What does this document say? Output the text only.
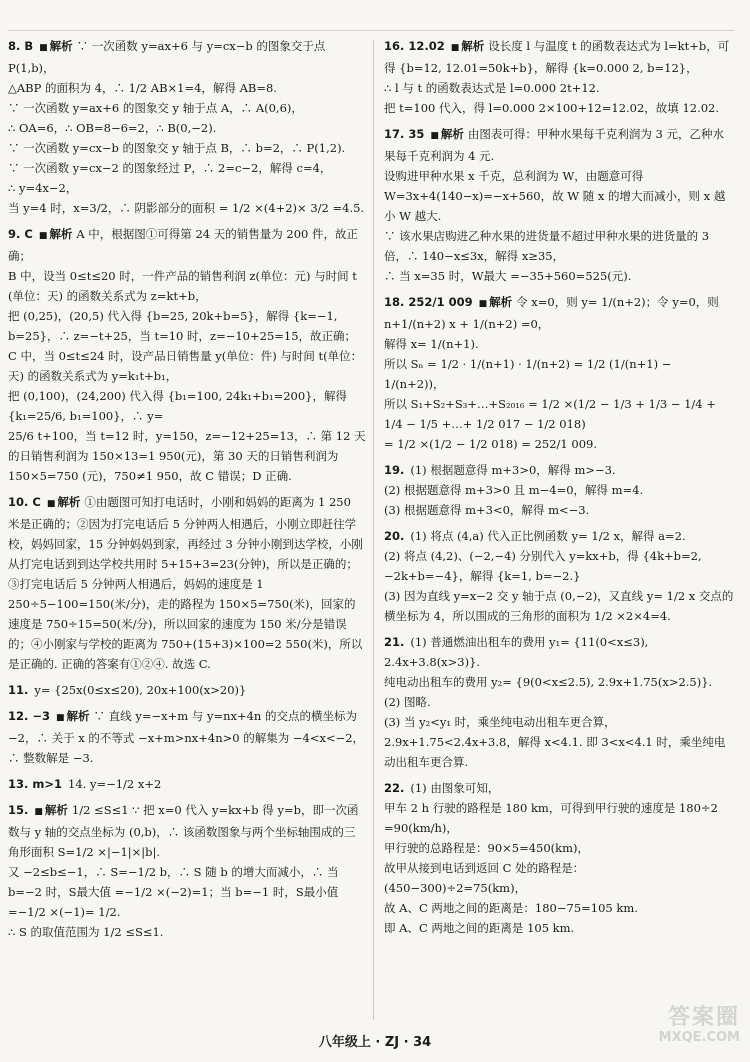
8. B ■ 解析 ∵ 一次函数 y=ax+6 与 y=cx−b 的图象交于点 P(1,b)，

△ABP 的面积为 4，∴ 1/2 AB×1=4，解得 AB=8.

∵ 一次函数 y=ax+6 的图象交 y 轴于点 A，∴ A(0,6)，

∴ OA=6，∴ OB=8−6=2，∴ B(0,−2).

∵ 一次函数 y=cx−b 的图象交 y 轴于点 B，∴ b=2，∴ P(1,2).

∵ 一次函数 y=cx−2 的图象经过 P，∴ 2=c−2，解得 c=4，

∴ y=4x−2，

当 y=4 时，x=3/2，∴ 阴影部分的面积 = 1/2 ×(4+2)× 3/2 =4.5.

9. C ■ 解析 A 中，根据图①可得第 24 天的销售量为 200 件，故正确；

B 中，设当 0≤t≤20 时，一件产品的销售利润 z(单位：元) 与时间 t (单位：天) 的函数关系式为 z=kt+b，

把 (0,25)，(20,5) 代入得 {b=25, 20k+b=5}，解得 {k=−1, b=25}，∴ z=−t+25，当 t=10 时，z=−10+25=15，故正确；

C 中，当 0≤t≤24 时，设产品日销售量 y(单位：件) 与时间 t(单位：天) 的函数关系式为 y=k₁t+b₁，

把 (0,100)，(24,200) 代入得 {b₁=100, 24k₁+b₁=200}，解得 {k₁=25/6, b₁=100}，∴ y=

25/6 t+100，当 t=12 时，y=150，z=−12+25=13，∴ 第 12 天的日销售利润为 150×13=1 950(元)，第 30 天的日销售利润为 150×5=750 (元)，750≠1 950，故 C 错误；D 正确.

10. C ■ 解析 ①由题图可知打电话时，小刚和妈妈的距离为 1 250 米是正确的；②因为打完电话后 5 分钟两人相遇后，小刚立即赶往学校，妈妈回家，15 分钟妈妈到家，再经过 3 分钟小刚到达学校，小刚从打完电话到到达学校共用时 5+15+3=23(分钟)，所以是正确的；③打完电话后 5 分钟两人相遇后，妈妈的速度是 1 250÷5−100=150(米/分)，走的路程为 150×5=750(米)，回家的速度是 750÷15=50(米/分)，所以回家的速度为 150 米/分是错误的；④小刚家与学校的距离为 750+(15+3)×100=2 550(米)，所以是正确的. 正确的答案有①②④. 故选 C.

11. y= {25x(0≤x≤20), 20x+100(x>20)}

12. −3 ■ 解析 ∵ 直线 y=−x+m 与 y=nx+4n 的交点的横坐标为 −2，∴ 关于 x 的不等式 −x+m>nx+4n>0 的解集为 −4<x<−2，∴ 整数解是 −3.

13. m>1 14. y=−1/2 x+2

15. ■ 解析 1/2 ≤S≤1 ∵ 把 x=0 代入 y=kx+b 得 y=b，即一次函数与 y 轴的交点坐标为 (0,b)，∴ 该函数图象与两个坐标轴围成的三角形面积 S=1/2 ×|−1|×|b|.

又 −2≤b≤−1，∴ S=−1/2 b，∴ S 随 b 的增大而减小，∴ 当 b=−2 时，S最大值 =−1/2 ×(−2)=1；当 b=−1 时，S最小值 =−1/2 ×(−1)= 1/2.

∴ S 的取值范围为 1/2 ≤S≤1.

16. 12.02 ■ 解析 设长度 l 与温度 t 的函数表达式为 l=kt+b，可得 {b=12, 12.01=50k+b}，解得 {k=0.000 2, b=12}，

∴ l 与 t 的函数表达式是 l=0.000 2t+12.

把 t=100 代入，得 l=0.000 2×100+12=12.02，故填 12.02.

17. 35 ■ 解析 由图表可得：甲种水果每千克利润为 3 元，乙种水果每千克利润为 4 元.

设购进甲种水果 x 千克，总利润为 W，由题意可得 W=3x+4(140−x)=−x+560，故 W 随 x 的增大而减小，则 x 越小 W 越大.

∵ 该水果店购进乙种水果的进货量不超过甲种水果的进货量的 3 倍，∴ 140−x≤3x，解得 x≥35，

∴ 当 x=35 时，W最大 =−35+560=525(元).

18. 252/1 009 ■ 解析 令 x=0，则 y= 1/(n+2)；令 y=0，则 n+1/(n+2) x + 1/(n+2) =0，

解得 x= 1/(n+1).

所以 Sₙ = 1/2 · 1/(n+1) · 1/(n+2) = 1/2 (1/(n+1) − 1/(n+2))，

所以 S₁+S₂+S₃+…+S₂₀₁₆ = 1/2 ×(1/2 − 1/3 + 1/3 − 1/4 + 1/4 − 1/5 +…+ 1/2 017 − 1/2 018)

= 1/2 ×(1/2 − 1/2 018) = 252/1 009.

19. (1) 根据题意得 m+3>0，解得 m>−3.

(2) 根据题意得 m+3>0 且 m−4=0，解得 m=4.

(3) 根据题意得 m+3<0，解得 m<−3.

20. (1) 将点 (4,a) 代入正比例函数 y= 1/2 x，解得 a=2.

(2) 将点 (4,2)、(−2,−4) 分别代入 y=kx+b，得 {4k+b=2, −2k+b=−4}，解得 {k=1, b=−2.}

(3) 因为直线 y=x−2 交 y 轴于点 (0,−2)，又直线 y= 1/2 x 交点的横坐标为 4，所以围成的三角形的面积为 1/2 ×2×4=4.

21. (1) 普通燃油出租车的费用 y₁= {11(0<x≤3), 2.4x+3.8(x>3)}.

纯电动出租车的费用 y₂= {9(0<x≤2.5), 2.9x+1.75(x>2.5)}.

(2) 图略.

(3) 当 y₂<y₁ 时，乘坐纯电动出租车更合算，2.9x+1.75<2.4x+3.8，解得 x<4.1. 即 3<x<4.1 时，乘坐纯电动出租车更合算.

22. (1) 由图象可知，

甲车 2 h 行驶的路程是 180 km，可得到甲行驶的速度是 180÷2 =90(km/h)，

甲行驶的总路程是：90×5=450(km)，

故甲从接到电话到返回 C 处的路程是：

(450−300)÷2=75(km)，

故 A、C 两地之间的距离是：180−75=105 km.

即 A、C 两地之间的距离是 105 km.

八年级上 · ZJ · 34
答案圈
MXQE.COM
